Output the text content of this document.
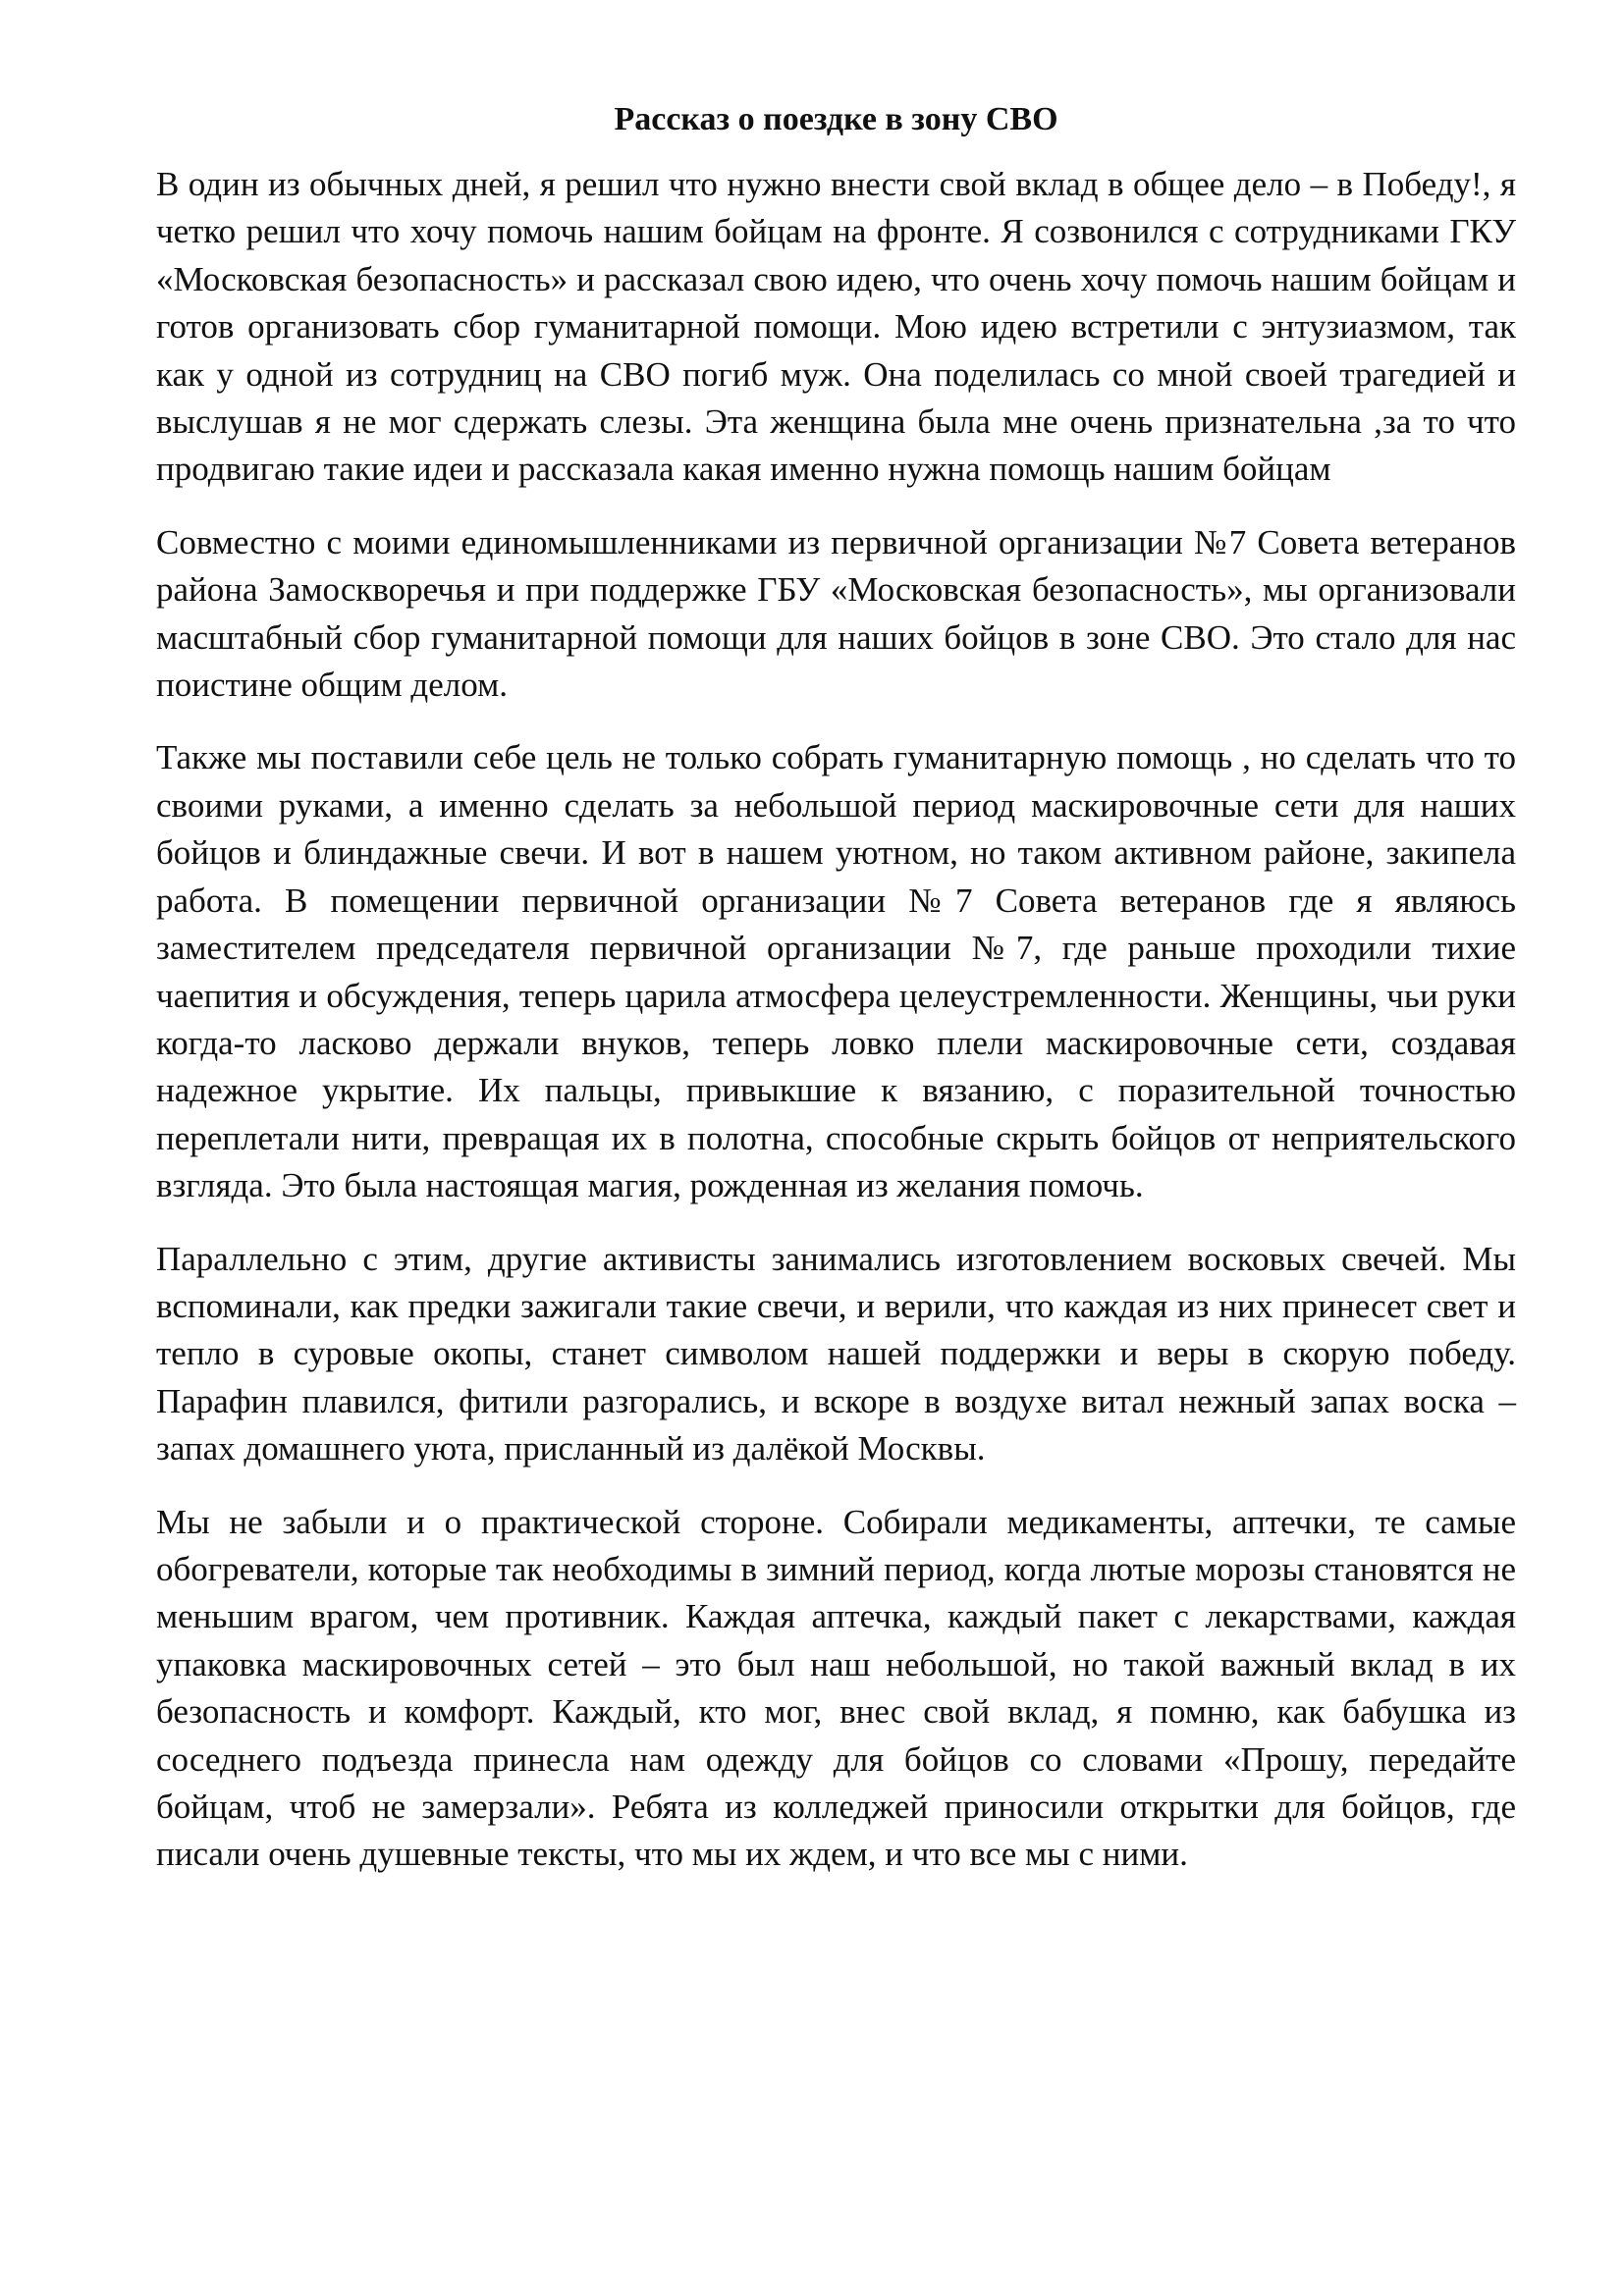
Рассказ о поездке в зону СВО

В один из обычных дней, я решил что нужно внести свой вклад в общее дело – в Победу!, я четко решил что хочу помочь нашим бойцам на фронте. Я созвонился с сотрудниками ГКУ «Московская безопасность» и рассказал свою идею, что очень хочу помочь нашим бойцам и готов организовать сбор гуманитарной помощи. Мою идею встретили с энтузиазмом, так как у одной из сотрудниц на СВО погиб муж. Она поделилась со мной своей трагедией и выслушав я не мог сдержать слезы. Эта женщина была мне очень признательна ,за то что продвигаю такие идеи и рассказала какая именно нужна помощь нашим бойцам

Совместно с моими единомышленниками из первичной организации №7 Совета ветеранов района Замоскворечья и при поддержке ГБУ «Московская безопасность», мы организовали масштабный сбор гуманитарной помощи для наших бойцов в зоне СВО. Это стало для нас поистине общим делом.

Также мы поставили себе цель не только собрать гуманитарную помощь , но сделать что то своими руками, а именно сделать за небольшой период маскировочные сети для наших бойцов и блиндажные свечи. И вот в нашем уютном, но таком активном районе, закипела работа. В помещении первичной организации №7 Совета ветеранов где я являюсь заместителем председателя первичной организации №7, где раньше проходили тихие чаепития и обсуждения, теперь царила атмосфера целеустремленности. Женщины, чьи руки когда-то ласково держали внуков, теперь ловко плели маскировочные сети, создавая надежное укрытие. Их пальцы, привыкшие к вязанию, с поразительной точностью переплетали нити, превращая их в полотна, способные скрыть бойцов от неприятельского взгляда. Это была настоящая магия, рожденная из желания помочь.

Параллельно с этим, другие активисты занимались изготовлением восковых свечей. Мы вспоминали, как предки зажигали такие свечи, и верили, что каждая из них принесет свет и тепло в суровые окопы, станет символом нашей поддержки и веры в скорую победу. Парафин плавился, фитили разгорались, и вскоре в воздухе витал нежный запах воска – запах домашнего уюта, присланный из далёкой Москвы.

Мы не забыли и о практической стороне. Собирали медикаменты, аптечки, те самые обогреватели, которые так необходимы в зимний период, когда лютые морозы становятся не меньшим врагом, чем противник. Каждая аптечка, каждый пакет с лекарствами, каждая упаковка маскировочных сетей – это был наш небольшой, но такой важный вклад в их безопасность и комфорт. Каждый, кто мог, внес свой вклад, я помню, как бабушка из соседнего подъезда принесла нам одежду для бойцов со словами «Прошу, передайте бойцам, чтоб не замерзали». Ребята из колледжей приносили открытки для бойцов, где писали очень душевные тексты, что мы их ждем, и что все мы с ними.
